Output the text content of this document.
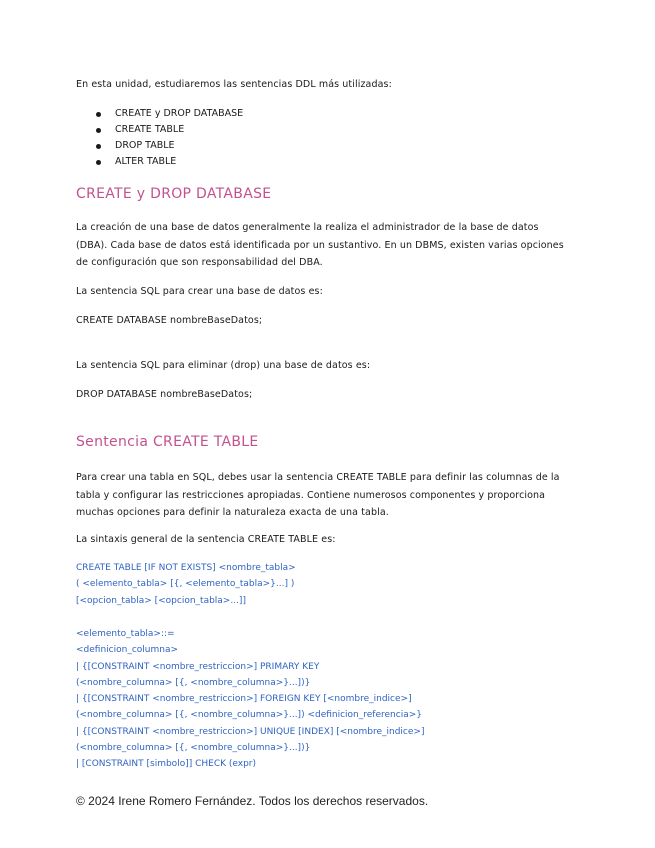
En esta unidad, estudiaremos las sentencias DDL más utilizadas:

CREATE y DROP DATABASE
CREATE TABLE
DROP TABLE
ALTER TABLE
CREATE y DROP DATABASE

La creación de una base de datos generalmente la realiza el administrador de la base de datos (DBA). Cada base de datos está identificada por un sustantivo. En un DBMS, existen varias opciones de configuración que son responsabilidad del DBA.

La sentencia SQL para crear una base de datos es:

CREATE DATABASE nombreBaseDatos;

La sentencia SQL para eliminar (drop) una base de datos es:

DROP DATABASE nombreBaseDatos;

Sentencia CREATE TABLE

Para crear una tabla en SQL, debes usar la sentencia CREATE TABLE para definir las columnas de la tabla y configurar las restricciones apropiadas. Contiene numerosos componentes y proporciona muchas opciones para definir la naturaleza exacta de una tabla.

La sintaxis general de la sentencia CREATE TABLE es:

CREATE TABLE [IF NOT EXISTS] <nombre_tabla>
( <elemento_tabla> [{, <elemento_tabla>}...] )
[<opcion_tabla> [<opcion_tabla>...]]
<elemento_tabla>::=
<definicion_columna>
| {[CONSTRAINT <nombre_restriccion>] PRIMARY KEY
(<nombre_columna> [{, <nombre_columna>}...])}
| {[CONSTRAINT <nombre_restriccion>] FOREIGN KEY [<nombre_indice>]
(<nombre_columna> [{, <nombre_columna>}...]) <definicion_referencia>}
| {[CONSTRAINT <nombre_restriccion>] UNIQUE [INDEX] [<nombre_indice>]
(<nombre_columna> [{, <nombre_columna>}...])}
| [CONSTRAINT [simbolo]] CHECK (expr)

© 2024 Irene Romero Fernández. Todos los derechos reservados.
